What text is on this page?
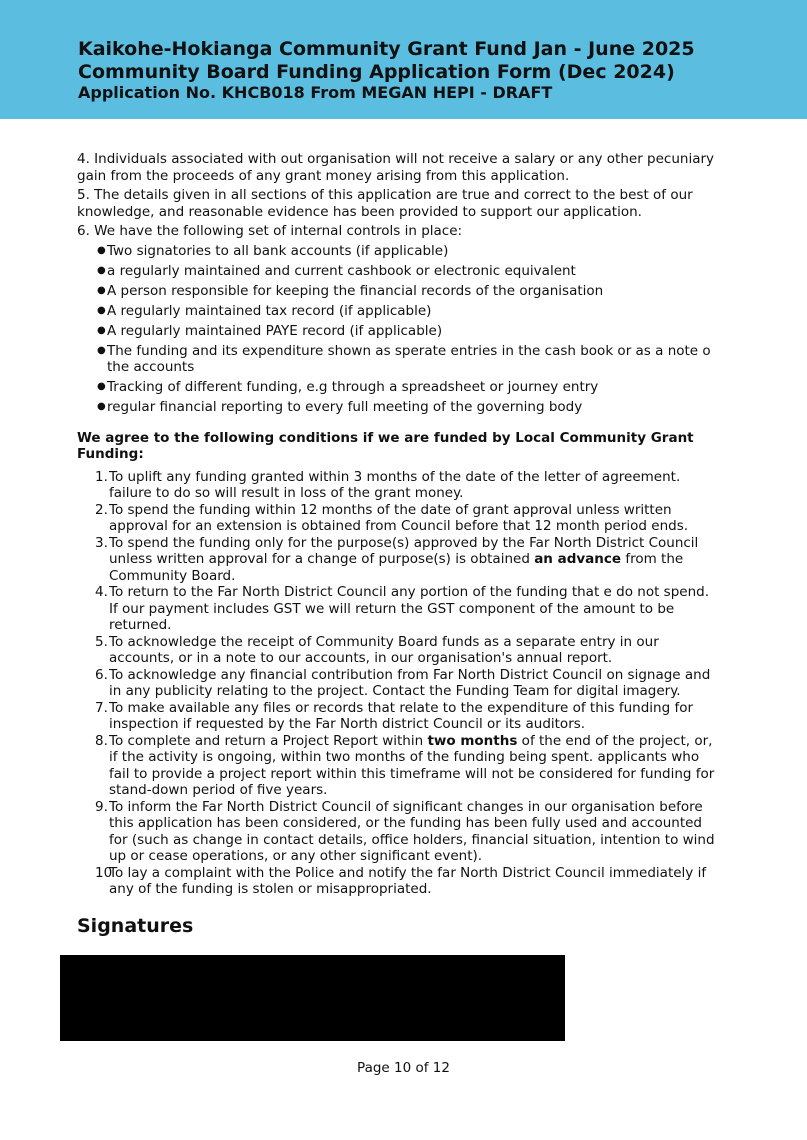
Kaikohe-Hokianga Community Grant Fund Jan - June 2025
Community Board Funding Application Form (Dec 2024)
Application No. KHCB018 From MEGAN HEPI - DRAFT

4. Individuals associated with out organisation will not receive a salary or any other pecuniary gain from the proceeds of any grant money arising from this application.

5. The details given in all sections of this application are true and correct to the best of our knowledge, and reasonable evidence has been provided to support our application.

6. We have the following set of internal controls in place:

● Two signatories to all bank accounts (if applicable)
● a regularly maintained and current cashbook or electronic equivalent
● A person responsible for keeping the financial records of the organisation
● A regularly maintained tax record (if applicable)
● A regularly maintained PAYE record (if applicable)
● The funding and its expenditure shown as sperate entries in the cash book or as a note o the accounts
● Tracking of different funding, e.g through a spreadsheet or journey entry
● regular financial reporting to every full meeting of the governing body

We agree to the following conditions if we are funded by Local Community Grant Funding:

1. To uplift any funding granted within 3 months of the date of the letter of agreement. failure to do so will result in loss of the grant money.
2. To spend the funding within 12 months of the date of grant approval unless written approval for an extension is obtained from Council before that 12 month period ends.
3. To spend the funding only for the purpose(s) approved by the Far North District Council unless written approval for a change of purpose(s) is obtained an advance from the Community Board.
4. To return to the Far North District Council any portion of the funding that e do not spend. If our payment includes GST we will return the GST component of the amount to be returned.
5. To acknowledge the receipt of Community Board funds as a separate entry in our accounts, or in a note to our accounts, in our organisation's annual report.
6. To acknowledge any financial contribution from Far North District Council on signage and in any publicity relating to the project. Contact the Funding Team for digital imagery.
7. To make available any files or records that relate to the expenditure of this funding for inspection if requested by the Far North district Council or its auditors.
8. To complete and return a Project Report within two months of the end of the project, or, if the activity is ongoing, within two months of the funding being spent. applicants who fail to provide a project report within this timeframe will not be considered for funding for stand-down period of five years.
9. To inform the Far North District Council of significant changes in our organisation before this application has been considered, or the funding has been fully used and accounted for (such as change in contact details, office holders, financial situation, intention to wind up or cease operations, or any other significant event).
10
To lay a complaint with the Police and notify the far North District Council immediately if any of the funding is stolen or misappropriated.
Signatures
Page 10 of 12
